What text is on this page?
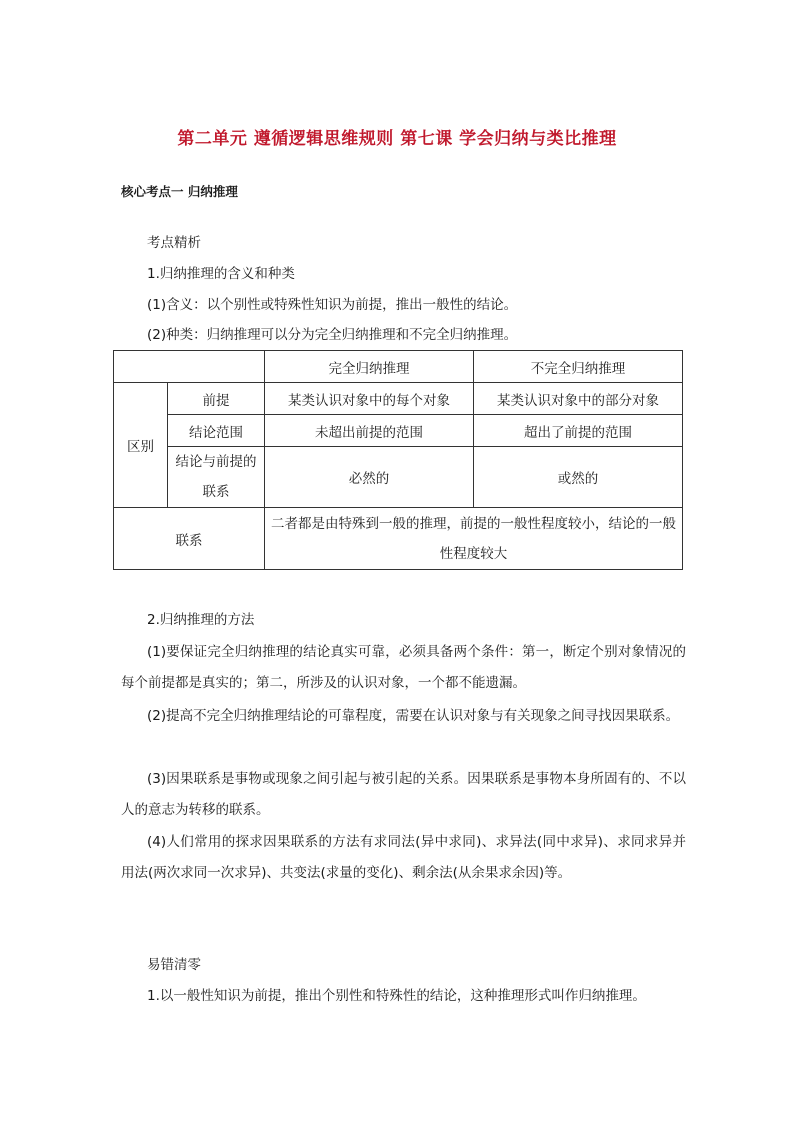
第二单元 遵循逻辑思维规则 第七课 学会归纳与类比推理
核心考点一 归纳推理
考点精析
1.归纳推理的含义和种类
(1)含义：以个别性或特殊性知识为前提，推出一般性的结论。
(2)种类：归纳推理可以分为完全归纳推理和不完全归纳推理。
		完全归纳推理	不完全归纳推理
区别	前提	某类认识对象中的每个对象	某类认识对象中的部分对象
	结论范围	未超出前提的范围	超出了前提的范围
	结论与前提的联系	必然的	或然的
联系		二者都是由特殊到一般的推理，前提的一般性程度较小，结论的一般性程度较大	
2.归纳推理的方法
(1)要保证完全归纳推理的结论真实可靠，必须具备两个条件：第一，断定个别对象情况的每个前提都是真实的；第二，所涉及的认识对象，一个都不能遗漏。
(2)提高不完全归纳推理结论的可靠程度，需要在认识对象与有关现象之间寻找因果联系。
(3)因果联系是事物或现象之间引起与被引起的关系。因果联系是事物本身所固有的、不以人的意志为转移的联系。
(4)人们常用的探求因果联系的方法有求同法(异中求同)、求异法(同中求异)、求同求异并用法(两次求同一次求异)、共变法(求量的变化)、剩余法(从余果求余因)等。
易错清零
1.以一般性知识为前提，推出个别性和特殊性的结论，这种推理形式叫作归纳推理。
